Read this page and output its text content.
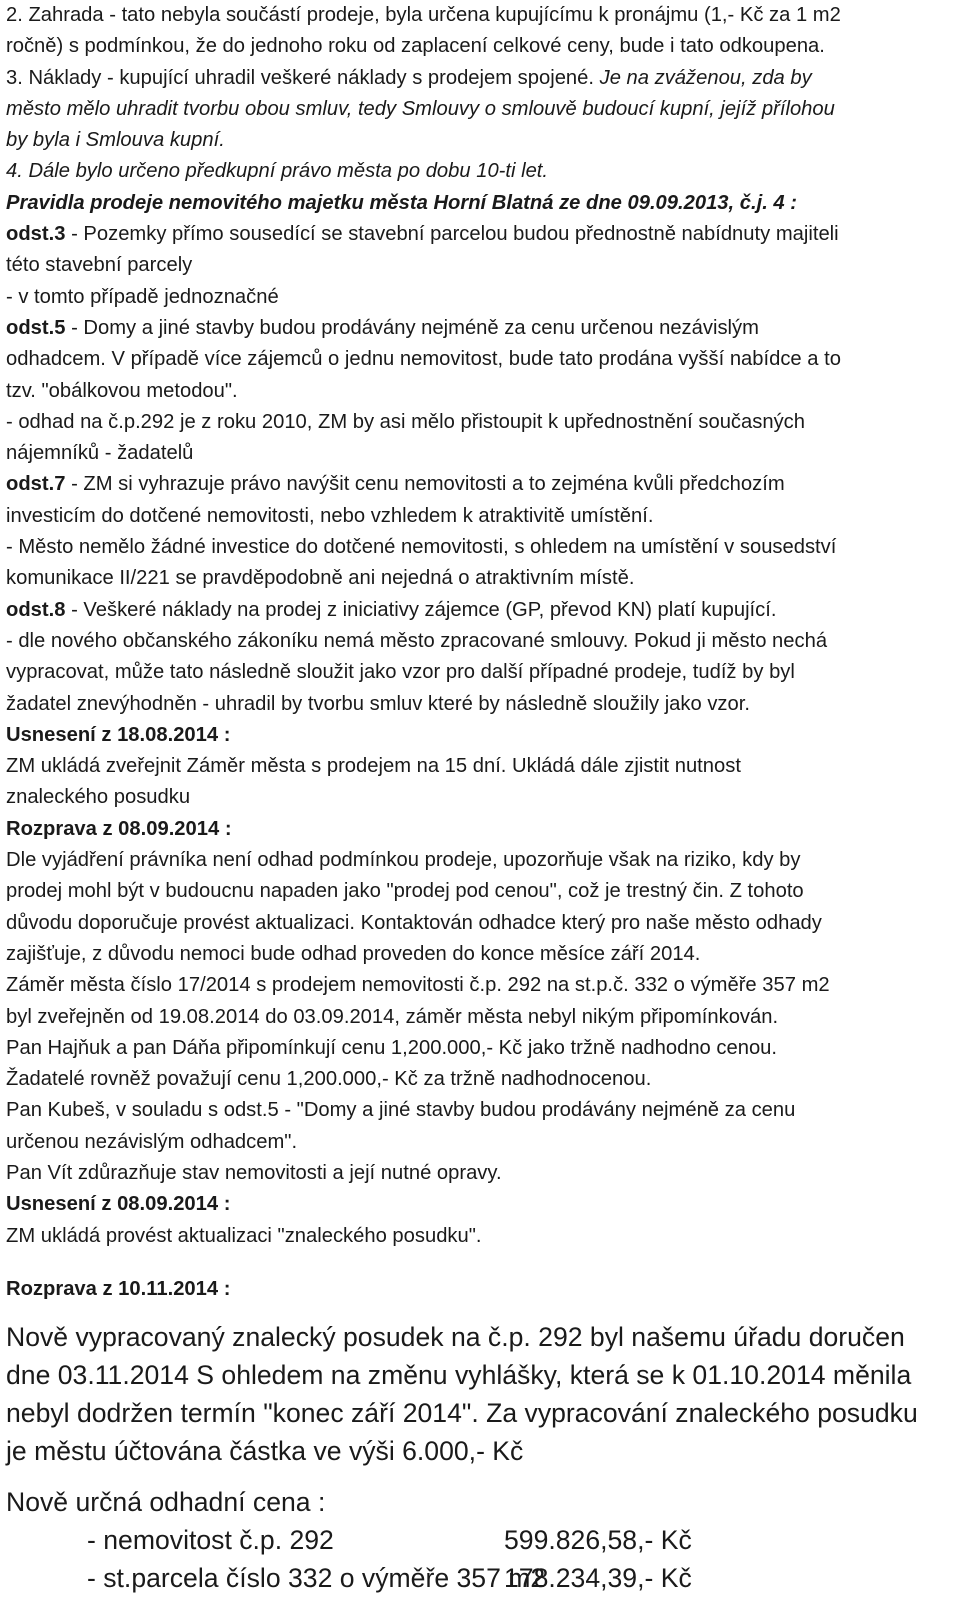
2. Zahrada - tato nebyla součástí prodeje, byla určena kupujícímu k pronájmu (1,- Kč za 1 m2
ročně) s podmínkou, že do jednoho roku od zaplacení celkové ceny, bude i tato odkoupena.
3. Náklady - kupující uhradil veškeré náklady s prodejem spojené. Je na zváženou, zda by
město mělo uhradit tvorbu obou smluv, tedy Smlouvy o smlouvě budoucí kupní, jejíž přílohou
by byla i Smlouva kupní.
4. Dále bylo určeno předkupní právo města po dobu 10-ti let.
Pravidla prodeje nemovitého majetku města Horní Blatná ze dne 09.09.2013, č.j. 4 :
odst.3 - Pozemky přímo sousedící se stavební parcelou budou přednostně nabídnuty majiteli
této stavební parcely
- v tomto případě jednoznačné
odst.5 - Domy a jiné stavby budou prodávány nejméně za cenu určenou nezávislým
odhadcem. V případě více zájemců o jednu nemovitost, bude tato prodána vyšší nabídce a to
tzv. "obálkovou metodou".
- odhad na č.p.292 je z roku 2010, ZM by asi mělo přistoupit k upřednostnění současných
nájemníků - žadatelů
odst.7 - ZM si vyhrazuje právo navýšit cenu nemovitosti a to zejména kvůli předchozím
investicím do dotčené nemovitosti, nebo vzhledem k atraktivitě umístění.
- Město nemělo žádné investice do dotčené nemovitosti, s ohledem na umístění v sousedství
komunikace II/221 se pravděpodobně ani nejedná o atraktivním místě.
odst.8 - Veškeré náklady na prodej z iniciativy zájemce (GP, převod KN) platí kupující.
- dle nového občanského zákoníku nemá město zpracované smlouvy. Pokud ji město nechá
vypracovat, může tato následně sloužit jako vzor pro další případné prodeje, tudíž by byl
žadatel znevýhodněn - uhradil by tvorbu smluv které by následně sloužily jako vzor.
Usnesení z 18.08.2014 :
ZM ukládá zveřejnit Záměr města s prodejem na 15 dní. Ukládá dále zjistit nutnost
znaleckého posudku
Rozprava z 08.09.2014 :
Dle vyjádření právníka není odhad podmínkou prodeje, upozorňuje však na riziko, kdy by
prodej mohl být v budoucnu napaden jako "prodej pod cenou", což je trestný čin. Z tohoto
důvodu doporučuje provést aktualizaci. Kontaktován odhadce který pro naše město odhady
zajišťuje, z důvodu nemoci bude odhad proveden do konce měsíce září 2014.
Záměr města číslo 17/2014 s prodejem nemovitosti č.p. 292 na st.p.č. 332 o výměře 357 m2
byl zveřejněn od 19.08.2014 do 03.09.2014, záměr města nebyl nikým připomínkován.
Pan Hajňuk a pan Dáňa připomínkují cenu 1,200.000,- Kč jako tržně nadhodno cenou.
Žadatelé rovněž považují cenu 1,200.000,- Kč za tržně nadhodnocenou.
Pan Kubeš, v souladu s odst.5 - "Domy a jiné stavby budou prodávány nejméně za cenu
určenou nezávislým odhadcem".
Pan Vít zdůrazňuje stav nemovitosti a její nutné opravy.
Usnesení z 08.09.2014 :
ZM ukládá provést aktualizaci "znaleckého posudku".
Rozprava z 10.11.2014 :
Nově vypracovaný znalecký posudek na č.p. 292 byl našemu úřadu doručen
dne 03.11.2014 S ohledem na změnu vyhlášky, která se k 01.10.2014 měnila
nebyl dodržen termín "konec září 2014". Za vypracování znaleckého posudku
je městu účtována částka ve výši 6.000,- Kč
Nově určná odhadní cena :
- nemovitost č.p. 292	599.826,58,- Kč
- st.parcela číslo 332 o výměře 357 m2
178.234,39,- Kč
